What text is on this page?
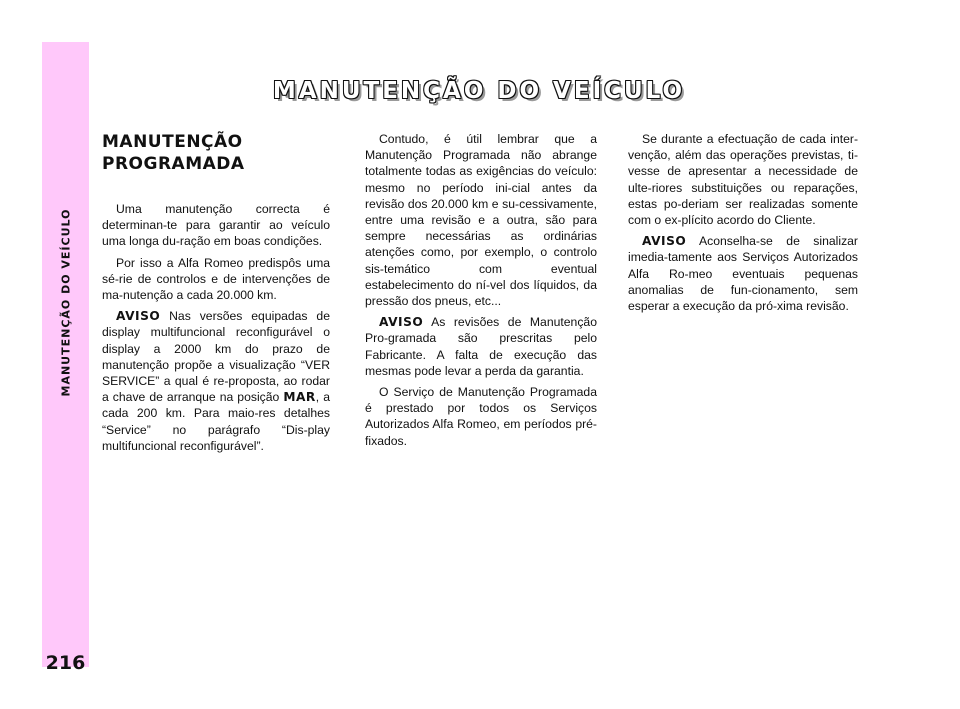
MANUTENÇÃO DO VEÍCULO
216
MANUTENÇÃO DO VEÍCULO
MANUTENÇÃO
PROGRAMADA

Uma manutenção correcta é determinan-te para garantir ao veículo uma longa du-ração em boas condições.

Por isso a Alfa Romeo predispôs uma sé-rie de controlos e de intervenções de ma-nutenção a cada 20.000 km.

AVISO Nas versões equipadas de display multifuncional reconfigurável o display a 2000 km do prazo de manutenção propõe a visualização “VER SERVICE” a qual é re-proposta, ao rodar a chave de arranque na posição MAR, a cada 200 km. Para maio-res detalhes “Service” no parágrafo “Dis-play multifuncional reconfigurável”.

Contudo, é útil lembrar que a Manutenção Programada não abrange totalmente todas as exigências do veículo: mesmo no período ini-cial antes da revisão dos 20.000 km e su-cessivamente, entre uma revisão e a outra, são para sempre necessárias as ordinárias atenções como, por exemplo, o controlo sis-temático com eventual estabelecimento do ní-vel dos líquidos, da pressão dos pneus, etc...

AVISO As revisões de Manutenção Pro-gramada são prescritas pelo Fabricante. A falta de execução das mesmas pode levar a perda da garantia.

O Serviço de Manutenção Programada é prestado por todos os Serviços Autorizados Alfa Romeo, em períodos pré-fixados.

Se durante a efectuação de cada inter-venção, além das operações previstas, ti-vesse de apresentar a necessidade de ulte-riores substituições ou reparações, estas po-deriam ser realizadas somente com o ex-plícito acordo do Cliente.

AVISO Aconselha-se de sinalizar imedia-tamente aos Serviços Autorizados Alfa Ro-meo eventuais pequenas anomalias de fun-cionamento, sem esperar a execução da pró-xima revisão.
